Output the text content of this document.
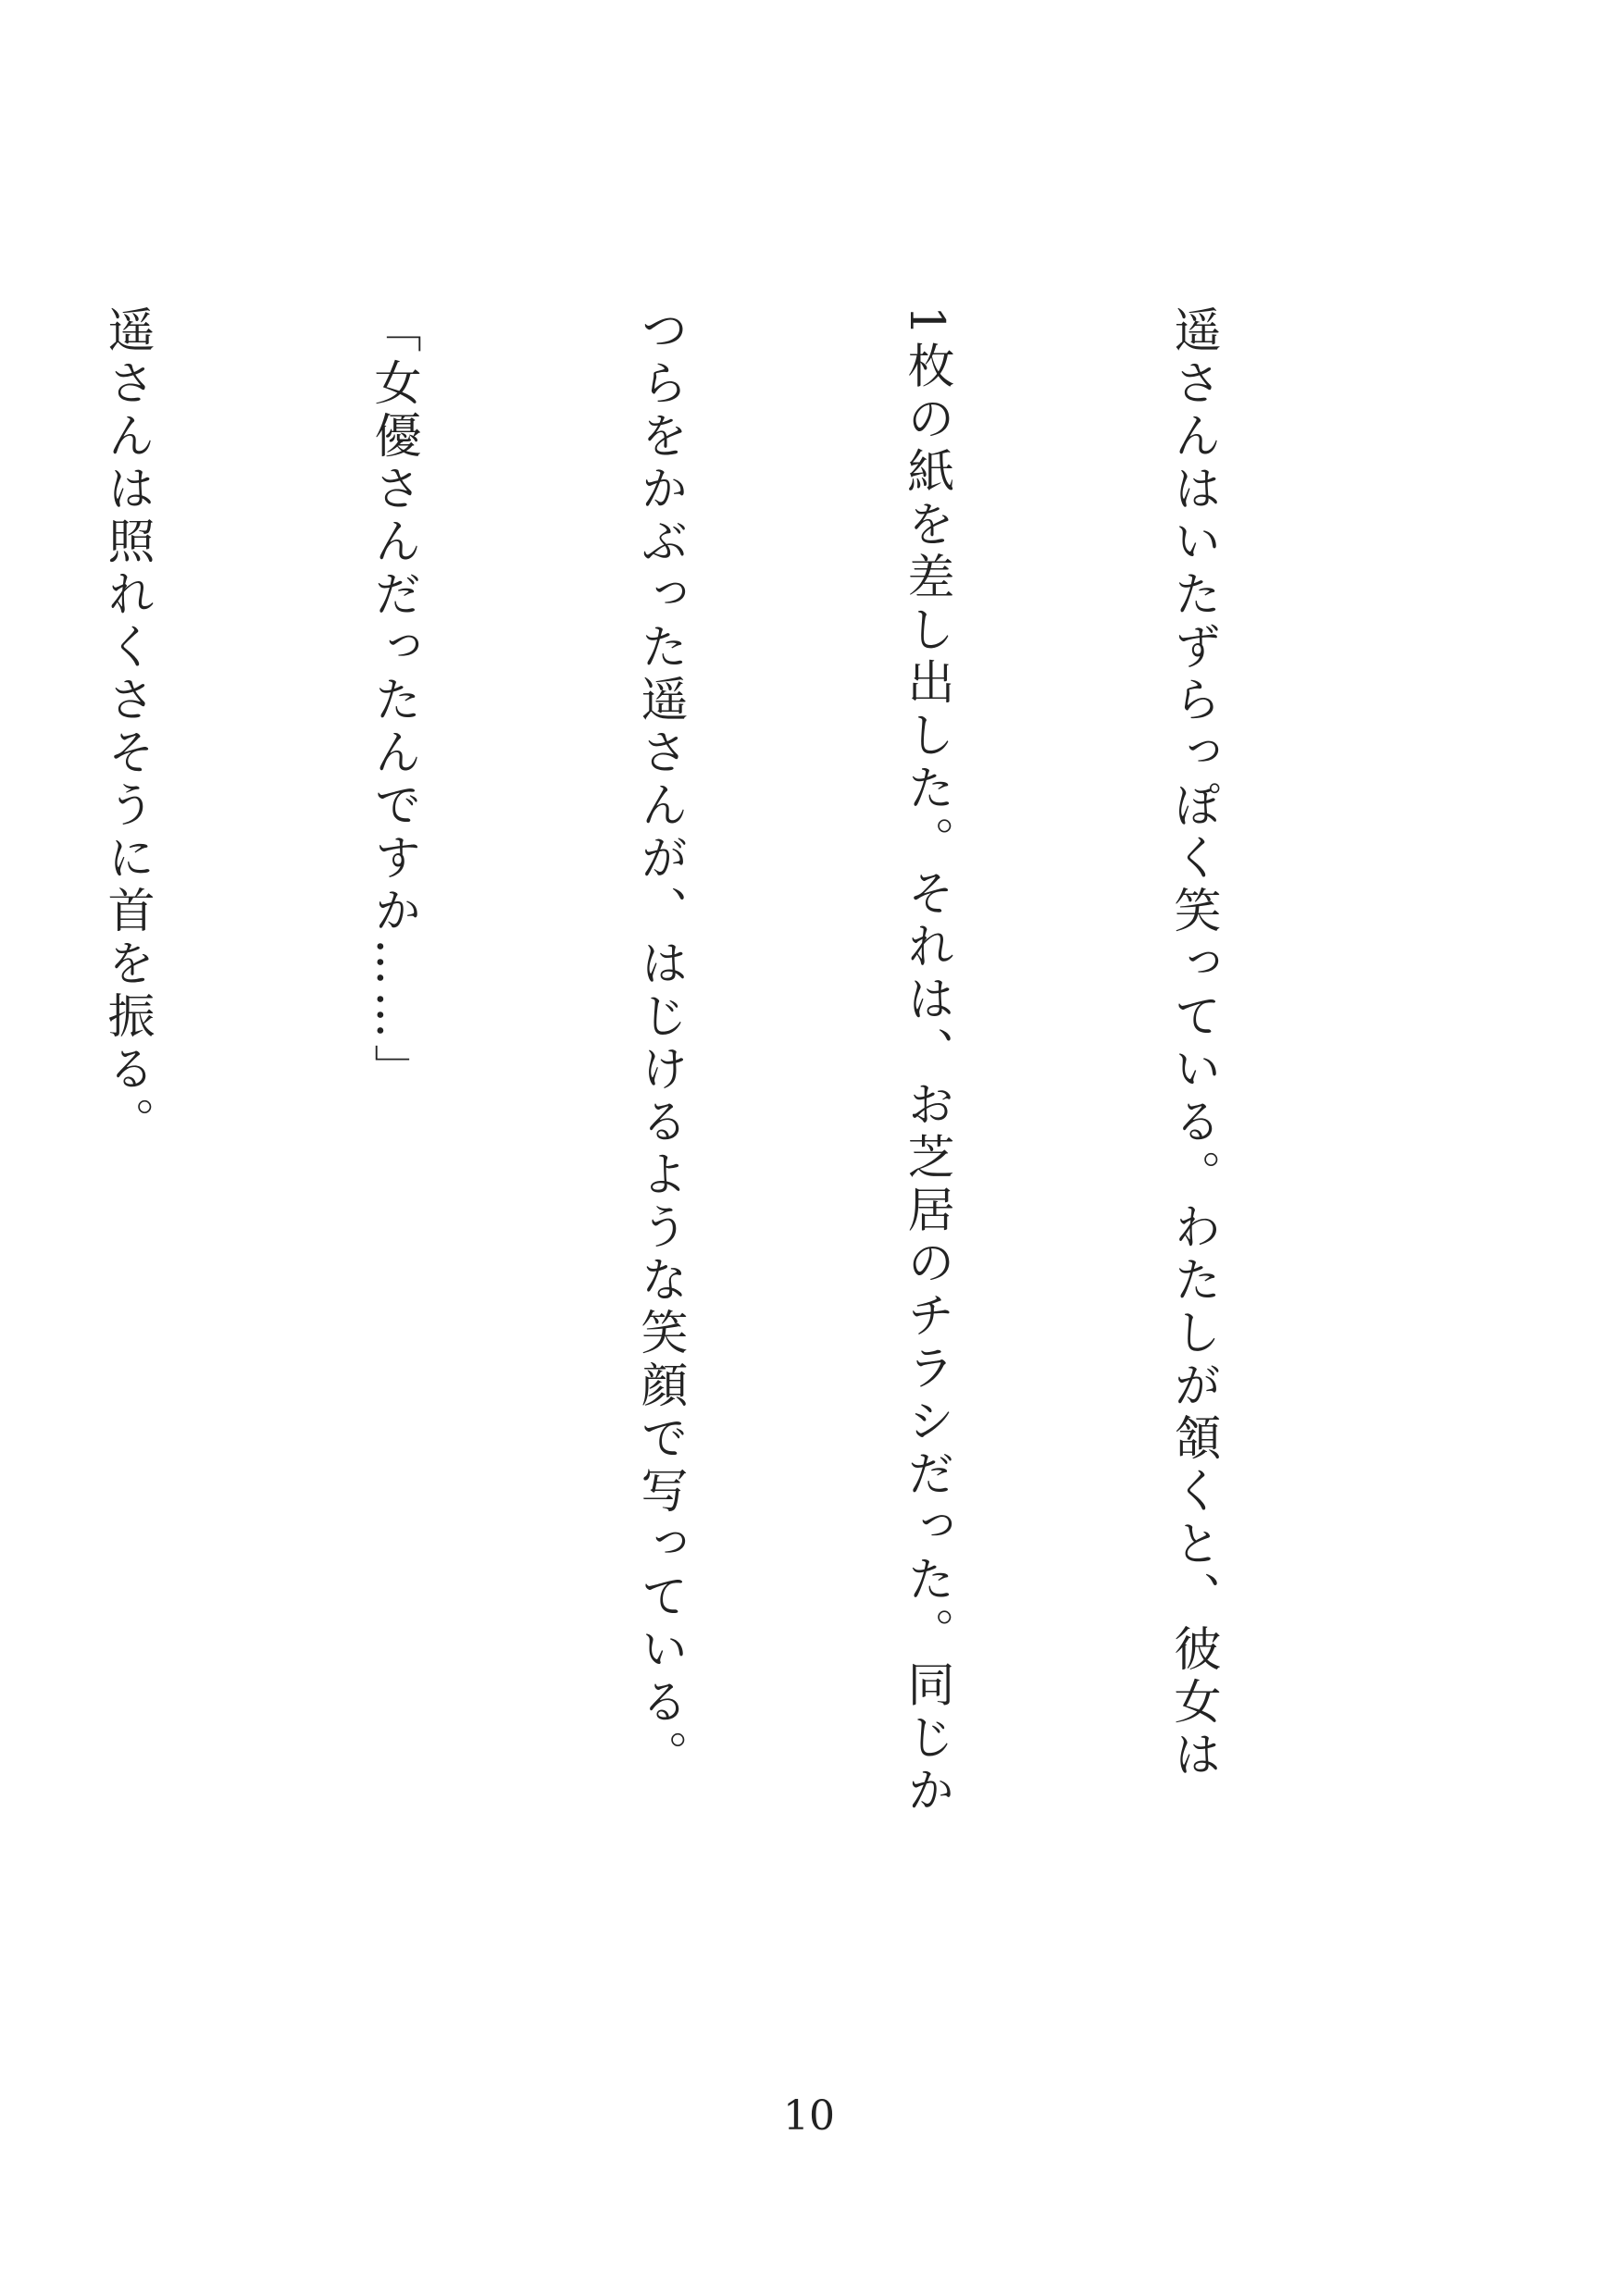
遥さんはいたずらっぽく笑っている。わたしが頷くと、彼女は

1枚の紙を差し出した。それは、お芝居のチラシだった。同じか

つらをかぶった遥さんが、はじけるような笑顔で写っている。

「女優さんだったんですか……」

遥さんは照れくさそうに首を振る。

10
